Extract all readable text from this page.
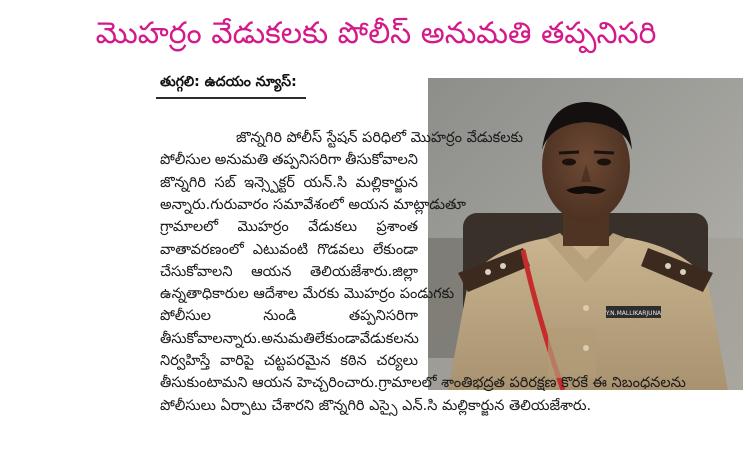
మొహర్రం వేడుకలకు పోలీస్ అనుమతి తప్పనిసరి
తుగ్గలి: ఉదయం న్యూస్:
Y.N.MALLIKARJUNA
జొన్నగిరి పోలీస్ స్టేషన్ పరిధిలో మొహర్రం వేడుకలకు
పోలీసుల అనుమతి తప్పనిసరిగా తీసుకోవాలని
జొన్నగిరి సబ్ ఇన్స్పెక్టర్ యన్.సి మల్లికార్జున
అన్నారు.గురువారం సమావేశంలో అయన మాట్లాడుతూ
గ్రామాలలో మొహర్రం వేడుకలు ప్రశాంత
వాతావరణంలో ఎటువంటి గొడవలు లేకుండా
చేసుకోవాలని ఆయన తెలియజేశారు.జిల్లా
ఉన్నతాధికారుల ఆదేశాల మేరకు మొహర్రం పండుగకు
పోలీసుల	నుండి	తప్పనిసరిగా
తీసుకోవాలన్నారు.అనుమతి లేకుండా వేడుకలను
నిర్వహిస్తే వారిపై చట్టపరమైన కఠిన చర్యలు
తీసుకుంటామని ఆయన హెచ్చరించారు.గ్రామాలలో శాంతిభద్రత పరిరక్షణ కొరకే ఈ నిబంధనలను
పోలీసులు ఏర్పాటు చేశారని జొన్నగిరి ఎస్సై ఎన్.సి మల్లికార్జున తెలియజేశారు.
